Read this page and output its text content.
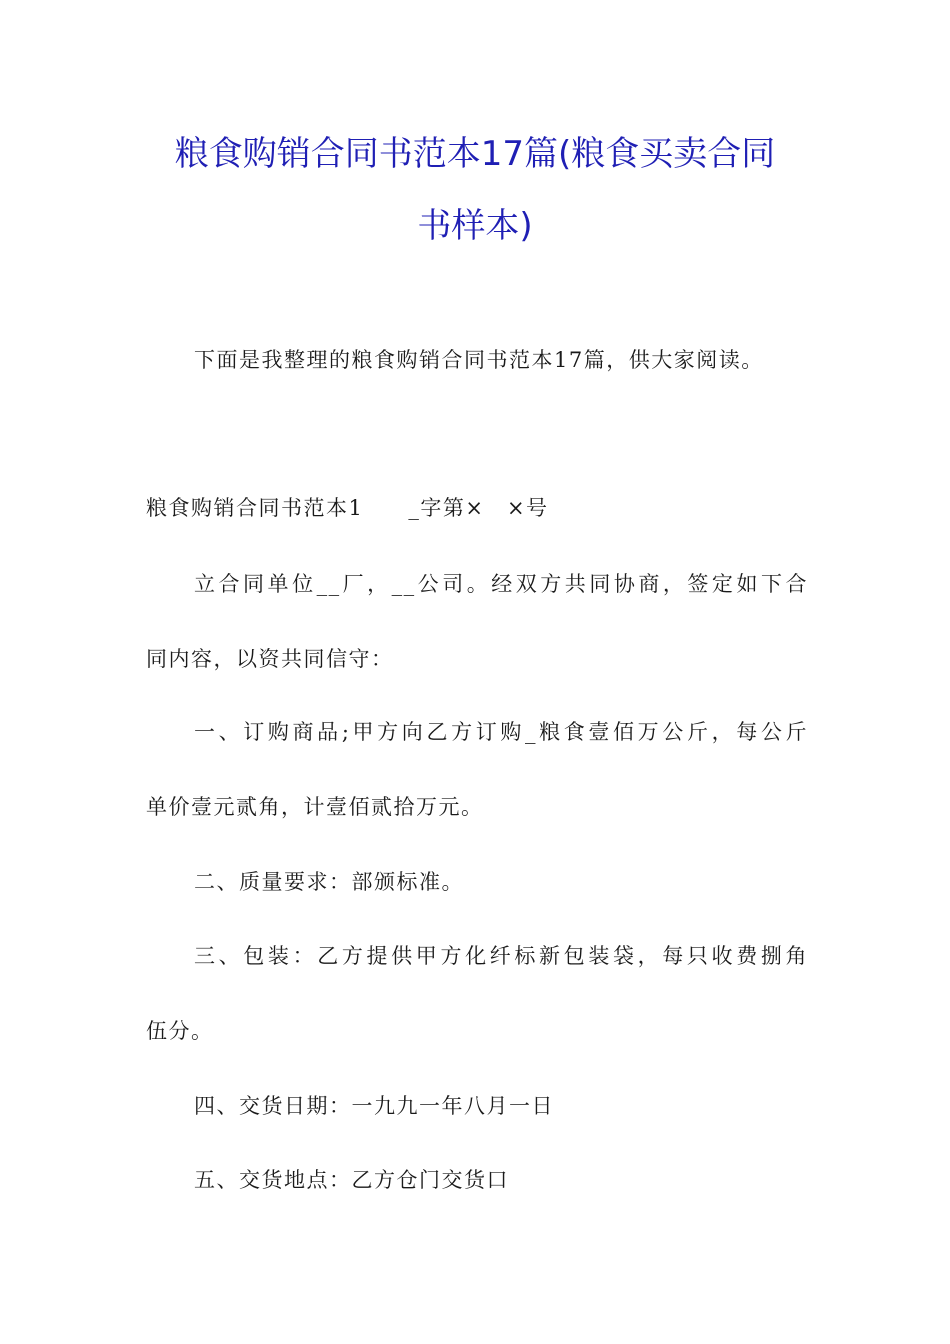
粮食购销合同书范本17篇(粮食买卖合同
书样本)
下面是我整理的粮食购销合同书范本17篇，供大家阅读。
粮食购销合同书范本1　　_字第×　×号
立合同单位__厂，__公司。经双方共同协商，签定如下合
同内容，以资共同信守：
一、订购商品;甲方向乙方订购_粮食壹佰万公斤，每公斤
单价壹元贰角，计壹佰贰拾万元。
二、质量要求：部颁标准。
三、包装：乙方提供甲方化纤标新包装袋，每只收费捌角
伍分。
四、交货日期：一九九一年八月一日
五、交货地点：乙方仓门交货口
